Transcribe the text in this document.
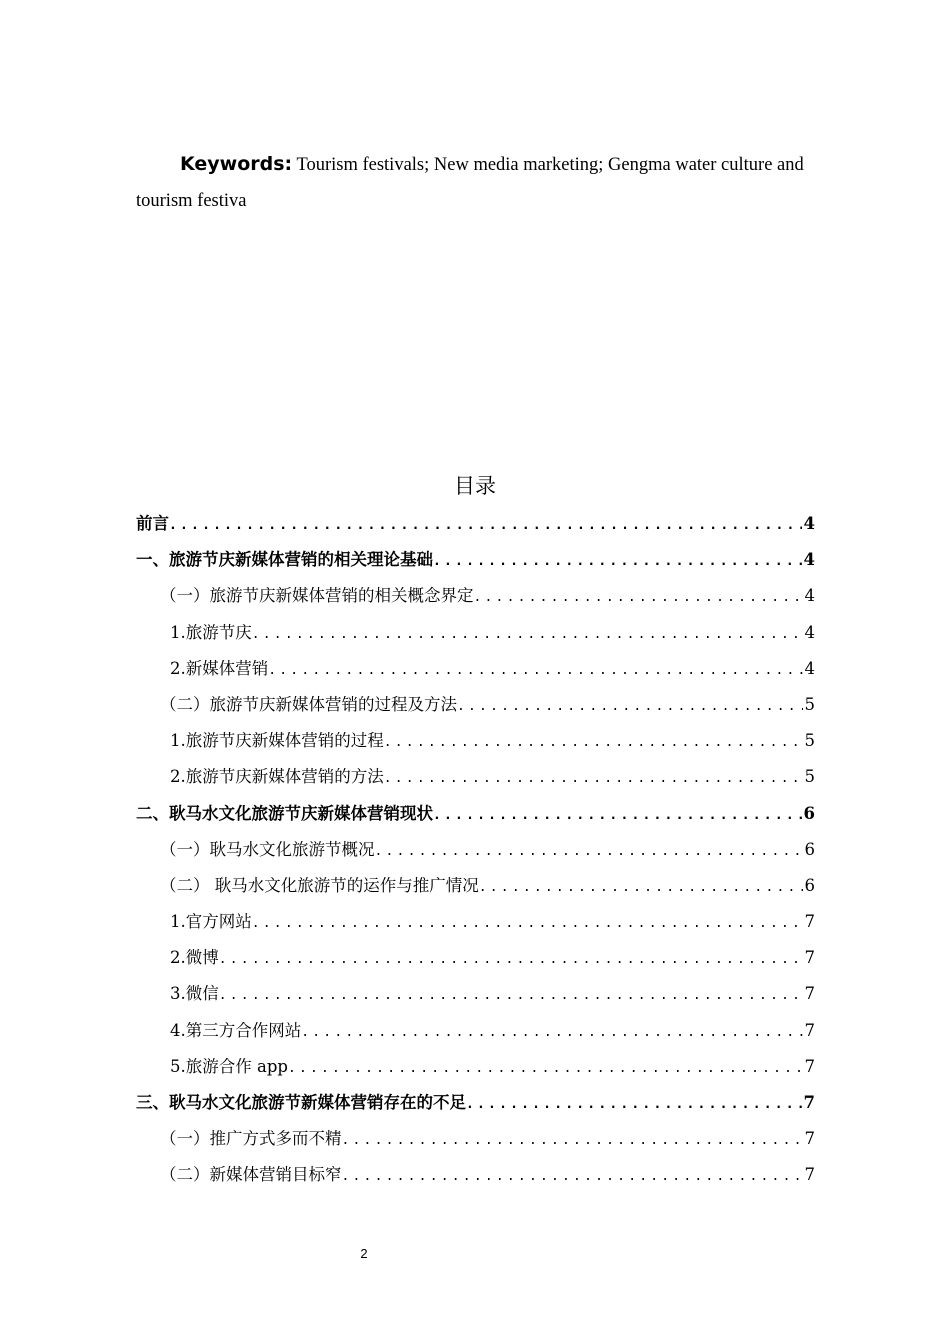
Keywords: Tourism festivals; New media marketing; Gengma water culture and tourism festiva

目录
前言 .....	4
一、旅游节庆新媒体营销的相关理论基础 .....	4
（一）旅游节庆新媒体营销的相关概念界定 .....	4
1.旅游节庆 .....	4
2.新媒体营销 .....	4
（二）旅游节庆新媒体营销的过程及方法 .....	5
1.旅游节庆新媒体营销的过程 .....	5
2.旅游节庆新媒体营销的方法 .....	5
二、耿马水文化旅游节庆新媒体营销现状 .....	6
（一）耿马水文化旅游节概况 .....	6
（二） 耿马水文化旅游节的运作与推广情况 .....	6
1.官方网站 .....	7
2.微博 .....	7
3.微信 .....	7
4.第三方合作网站 .....	7
5.旅游合作 app .....	7
三、耿马水文化旅游节新媒体营销存在的不足 .....	7
（一）推广方式多而不精 .....	7
（二）新媒体营销目标窄 .....	7

2
